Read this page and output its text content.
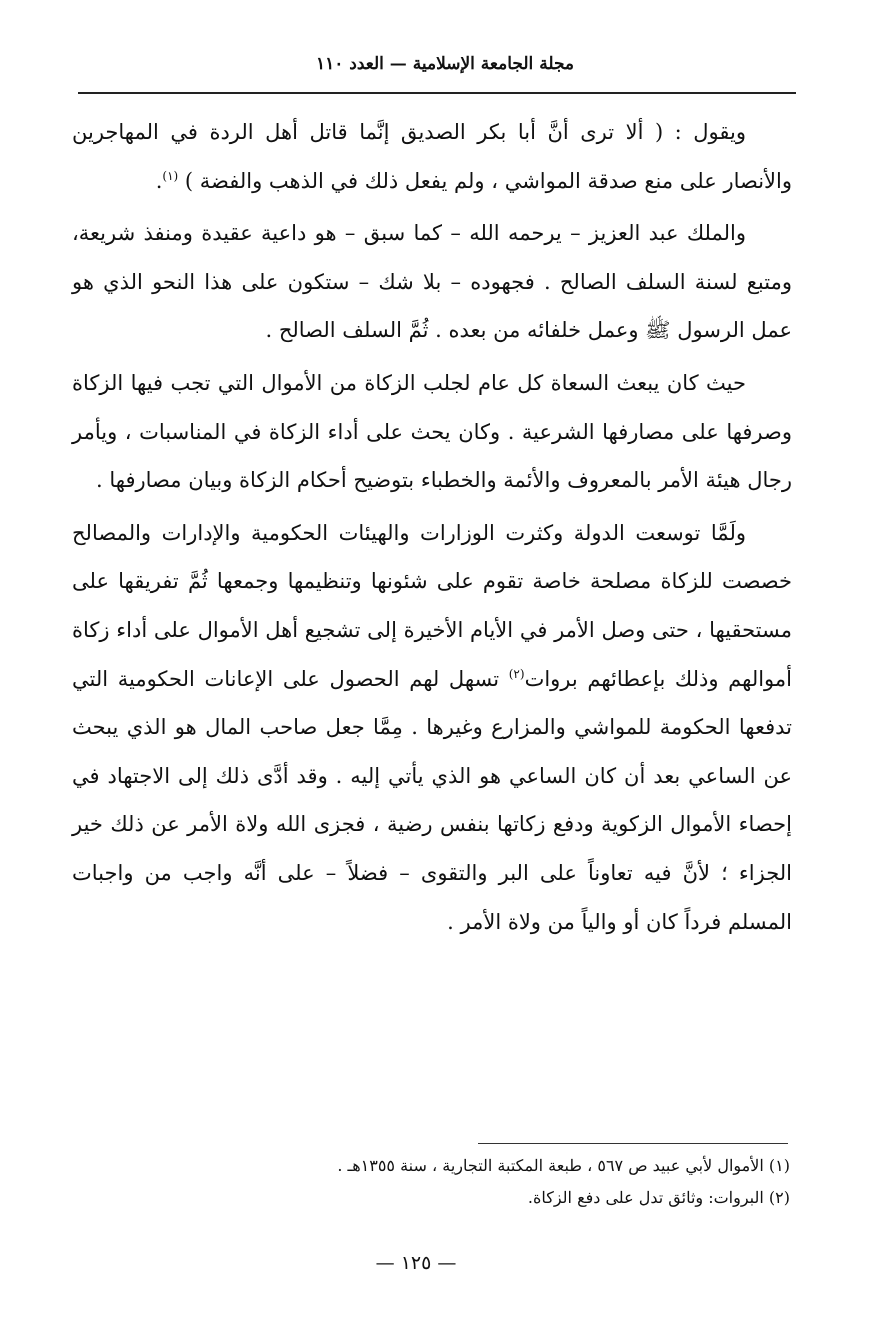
مجلة الجامعة الإسلامية — العدد ١١٠

ويقول : ( ألا ترى أنَّ أبا بكر الصديق إنَّما قاتل أهل الردة في المهاجرين والأنصار على منع صدقة المواشي ، ولم يفعل ذلك في الذهب والفضة ) $^{(١)}$.

والملك عبد العزيز – يرحمه الله – كما سبق – هو داعية عقيدة ومنفذ شريعة، ومتبع لسنة السلف الصالح . فجهوده – بلا شك – ستكون على هذا النحو الذي هو عمل الرسول ﷺ وعمل خلفائه من بعده . ثُمَّ السلف الصالح .

حيث كان يبعث السعاة كل عام لجلب الزكاة من الأموال التي تجب فيها الزكاة وصرفها على مصارفها الشرعية . وكان يحث على أداء الزكاة في المناسبات ، ويأمر رجال هيئة الأمر بالمعروف والأئمة والخطباء بتوضيح أحكام الزكاة وبيان مصارفها .

ولَمَّا توسعت الدولة وكثرت الوزارات والهيئات الحكومية والإدارات والمصالح خصصت للزكاة مصلحة خاصة تقوم على شئونها وتنظيمها وجمعها ثُمَّ تفريقها على مستحقيها ، حتى وصل الأمر في الأيام الأخيرة إلى تشجيع أهل الأموال على أداء زكاة أموالهم وذلك بإعطائهم بروات$^{(٢)}$ تسهل لهم الحصول على الإعانات الحكومية التي تدفعها الحكومة للمواشي والمزارع وغيرها . مِمَّا جعل صاحب المال هو الذي يبحث عن الساعي بعد أن كان الساعي هو الذي يأتي إليه . وقد أدَّى ذلك إلى الاجتهاد في إحصاء الأموال الزكوية ودفع زكاتها بنفس رضية ، فجزى الله ولاة الأمر عن ذلك خير الجزاء ؛ لأنَّ فيه تعاوناً على البر والتقوى – فضلاً – على أنَّه واجب من واجبات المسلم فرداً كان أو والياً من ولاة الأمر .

(١) الأموال لأبي عبيد ص ٥٦٧ ، طبعة المكتبة التجارية ، سنة ١٣٥٥هـ .
(٢) البروات: وثائق تدل على دفع الزكاة.
— ١٢٥ —
